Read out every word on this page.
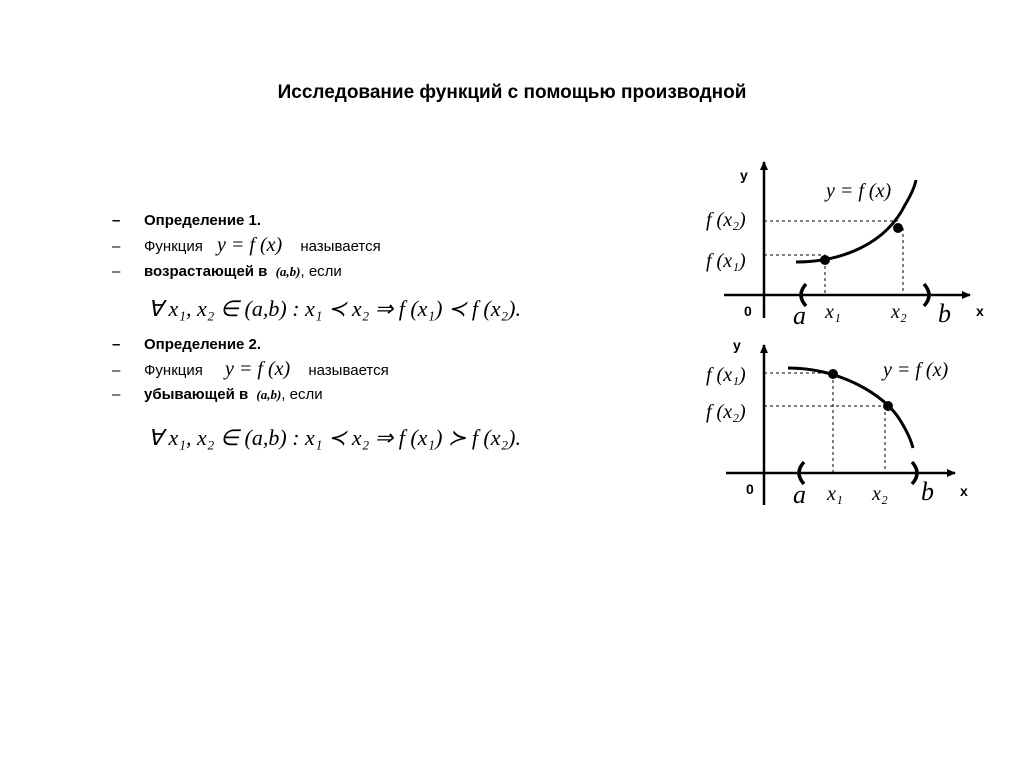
Исследование функций с помощью производной
– Определение 1.
– Функция y = f (x) называется
– возрастающей в (a,b), если
∀ x₁, x₂ ∈ (a,b) : x₁ ≺ x₂ ⇒ f (x₁) ≺ f (x₂).
– Определение 2.
– Функция y = f (x) называется
– убывающей в (a,b), если
∀ x₁, x₂ ∈ (a,b) : x₁ ≺ x₂ ⇒ f (x₁) ≻ f (x₂).
y
x
0
y = f (x)
f (x₂)
f (x₁)
x₁	x₂
a	b
y
x
0
y = f (x)
f (x₁)
f (x₂)
x₁ x₂
a	b
